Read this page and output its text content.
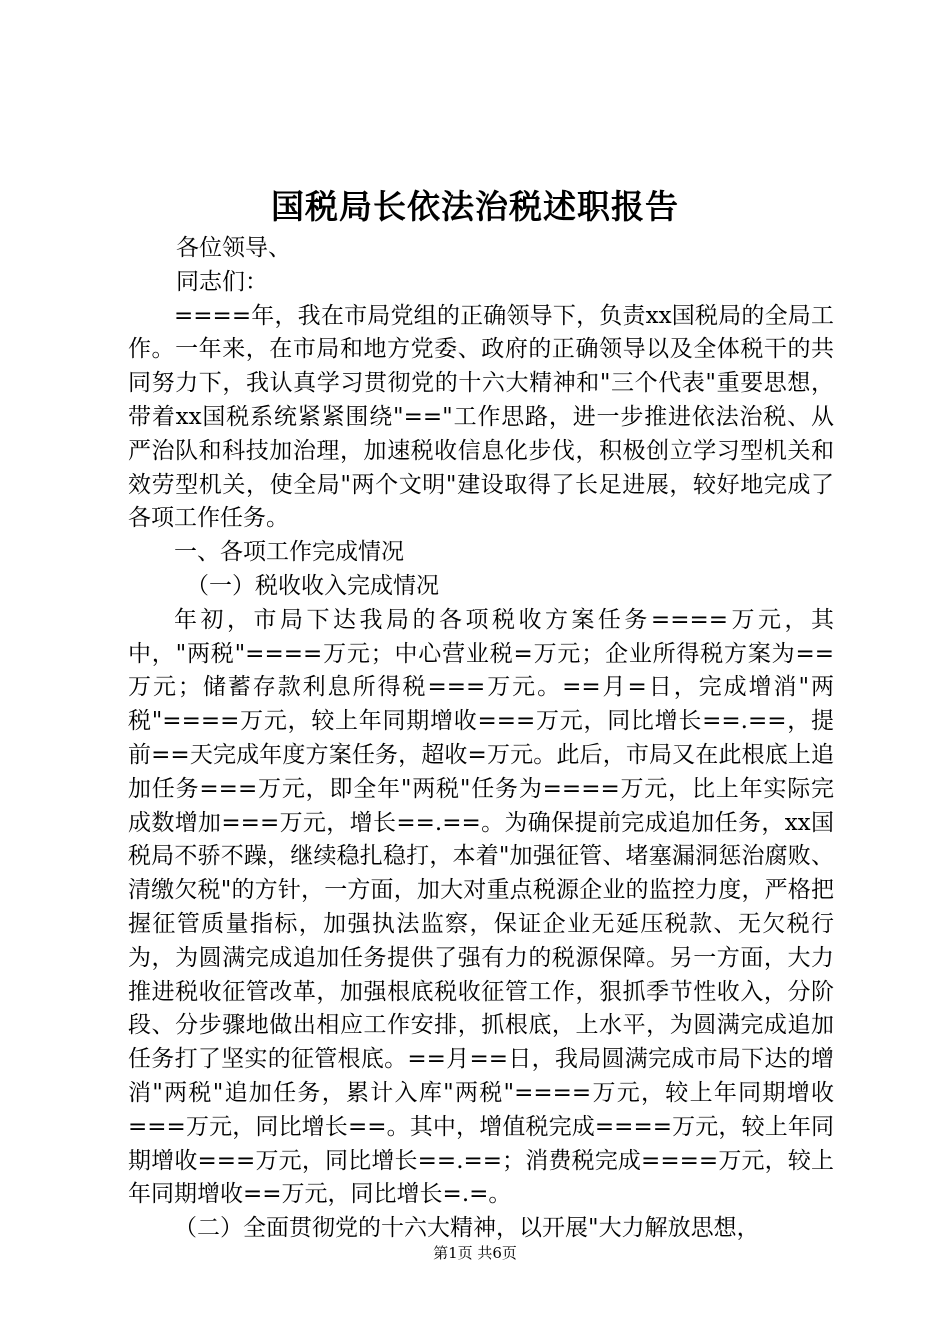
国税局长依法治税述职报告

各位领导、

同志们：

====年，我在市局党组的正确领导下，负责xx国税局的全局工作。一年来，在市局和地方党委、政府的正确领导以及全体税干的共同努力下，我认真学习贯彻党的十六大精神和"三个代表"重要思想，带着xx国税系统紧紧围绕"=="工作思路，进一步推进依法治税、从严治队和科技加治理，加速税收信息化步伐，积极创立学习型机关和效劳型机关，使全局"两个文明"建设取得了长足进展，较好地完成了各项工作任务。

一、各项工作完成情况

（一）税收收入完成情况

年初，市局下达我局的各项税收方案任务====万元，其中，"两税"====万元；中心营业税=万元；企业所得税方案为==万元；储蓄存款利息所得税===万元。==月=日，完成增消"两税"====万元，较上年同期增收===万元，同比增长==.==，提前==天完成年度方案任务，超收=万元。此后，市局又在此根底上追加任务===万元，即全年"两税"任务为====万元，比上年实际完成数增加===万元，增长==.==。为确保提前完成追加任务，xx国税局不骄不躁，继续稳扎稳打，本着"加强征管、堵塞漏洞惩治腐败、清缴欠税"的方针，一方面，加大对重点税源企业的监控力度，严格把握征管质量指标，加强执法监察，保证企业无延压税款、无欠税行为，为圆满完成追加任务提供了强有力的税源保障。另一方面，大力推进税收征管改革，加强根底税收征管工作，狠抓季节性收入，分阶段、分步骤地做出相应工作安排，抓根底，上水平，为圆满完成追加任务打了坚实的征管根底。==月==日，我局圆满完成市局下达的增消"两税"追加任务，累计入库"两税"====万元，较上年同期增收===万元，同比增长==。其中，增值税完成====万元，较上年同期增收===万元，同比增长==.==；消费税完成====万元，较上年同期增收==万元，同比增长=.=。

（二）全面贯彻党的十六大精神，以开展"大力解放思想，

第1页 共6页
